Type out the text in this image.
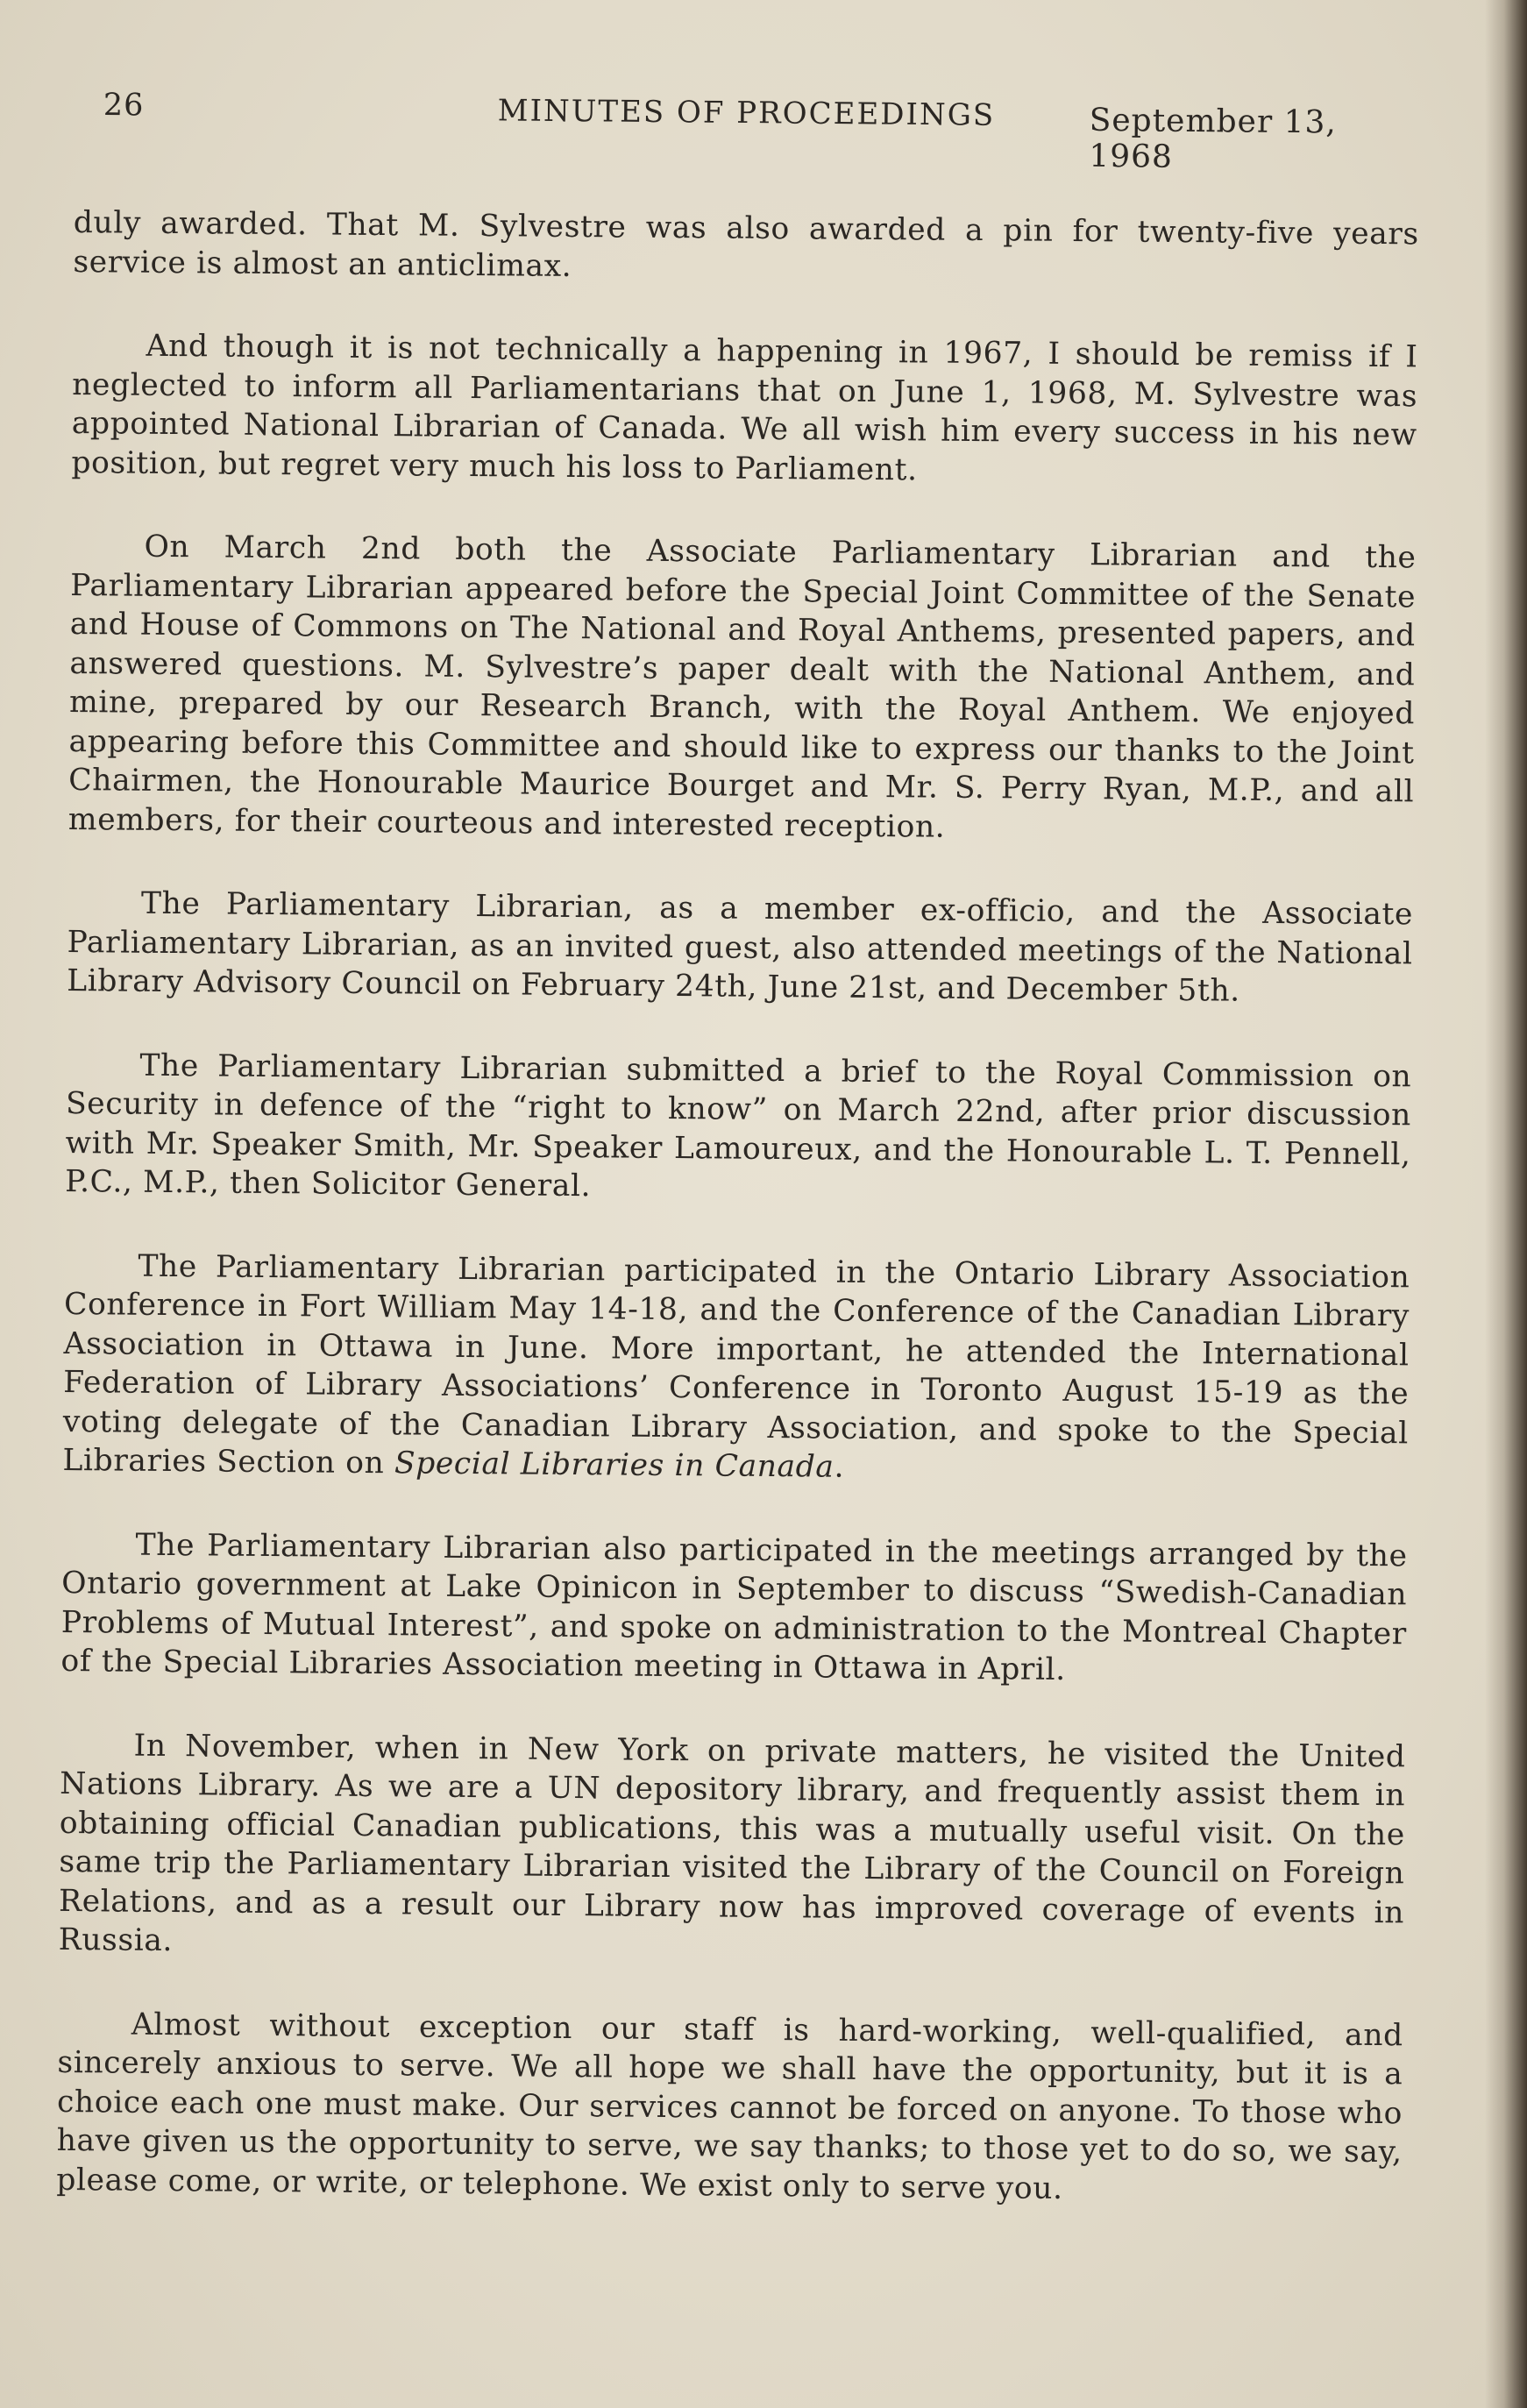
26	MINUTES OF PROCEEDINGS	September 13, 1968

duly awarded. That M. Sylvestre was also awarded a pin for twenty-five years service is almost an anticlimax.

And though it is not technically a happening in 1967, I should be remiss if I neglected to inform all Parliamentarians that on June 1, 1968, M. Sylvestre was appointed National Librarian of Canada. We all wish him every success in his new position, but regret very much his loss to Parliament.

On March 2nd both the Associate Parliamentary Librarian and the Parliamentary Librarian appeared before the Special Joint Committee of the Senate and House of Commons on The National and Royal Anthems, presented papers, and answered questions. M. Sylvestre’s paper dealt with the National Anthem, and mine, prepared by our Research Branch, with the Royal Anthem. We enjoyed appearing before this Committee and should like to express our thanks to the Joint Chairmen, the Honourable Maurice Bourget and Mr. S. Perry Ryan, M.P., and all members, for their courteous and interested reception.

The Parliamentary Librarian, as a member ex-officio, and the Associate Parliamentary Librarian, as an invited guest, also attended meetings of the National Library Advisory Council on February 24th, June 21st, and December 5th.

The Parliamentary Librarian submitted a brief to the Royal Commission on Security in defence of the “right to know” on March 22nd, after prior discussion with Mr. Speaker Smith, Mr. Speaker Lamoureux, and the Honourable L. T. Pennell, P.C., M.P., then Solicitor General.

The Parliamentary Librarian participated in the Ontario Library Association Conference in Fort William May 14-18, and the Conference of the Canadian Library Association in Ottawa in June. More important, he attended the International Federation of Library Associations’ Conference in Toronto August 15-19 as the voting delegate of the Canadian Library Association, and spoke to the Special Libraries Section on Special Libraries in Canada.

The Parliamentary Librarian also participated in the meetings arranged by the Ontario government at Lake Opinicon in September to discuss “Swedish-Canadian Problems of Mutual Interest”, and spoke on administration to the Montreal Chapter of the Special Libraries Association meeting in Ottawa in April.

In November, when in New York on private matters, he visited the United Nations Library. As we are a UN depository library, and frequently assist them in obtaining official Canadian publications, this was a mutually useful visit. On the same trip the Parliamentary Librarian visited the Library of the Council on Foreign Relations, and as a result our Library now has improved coverage of events in Russia.

Almost without exception our staff is hard-working, well-qualified, and sincerely anxious to serve. We all hope we shall have the opportunity, but it is a choice each one must make. Our services cannot be forced on anyone. To those who have given us the opportunity to serve, we say thanks; to those yet to do so, we say, please come, or write, or telephone. We exist only to serve you.
